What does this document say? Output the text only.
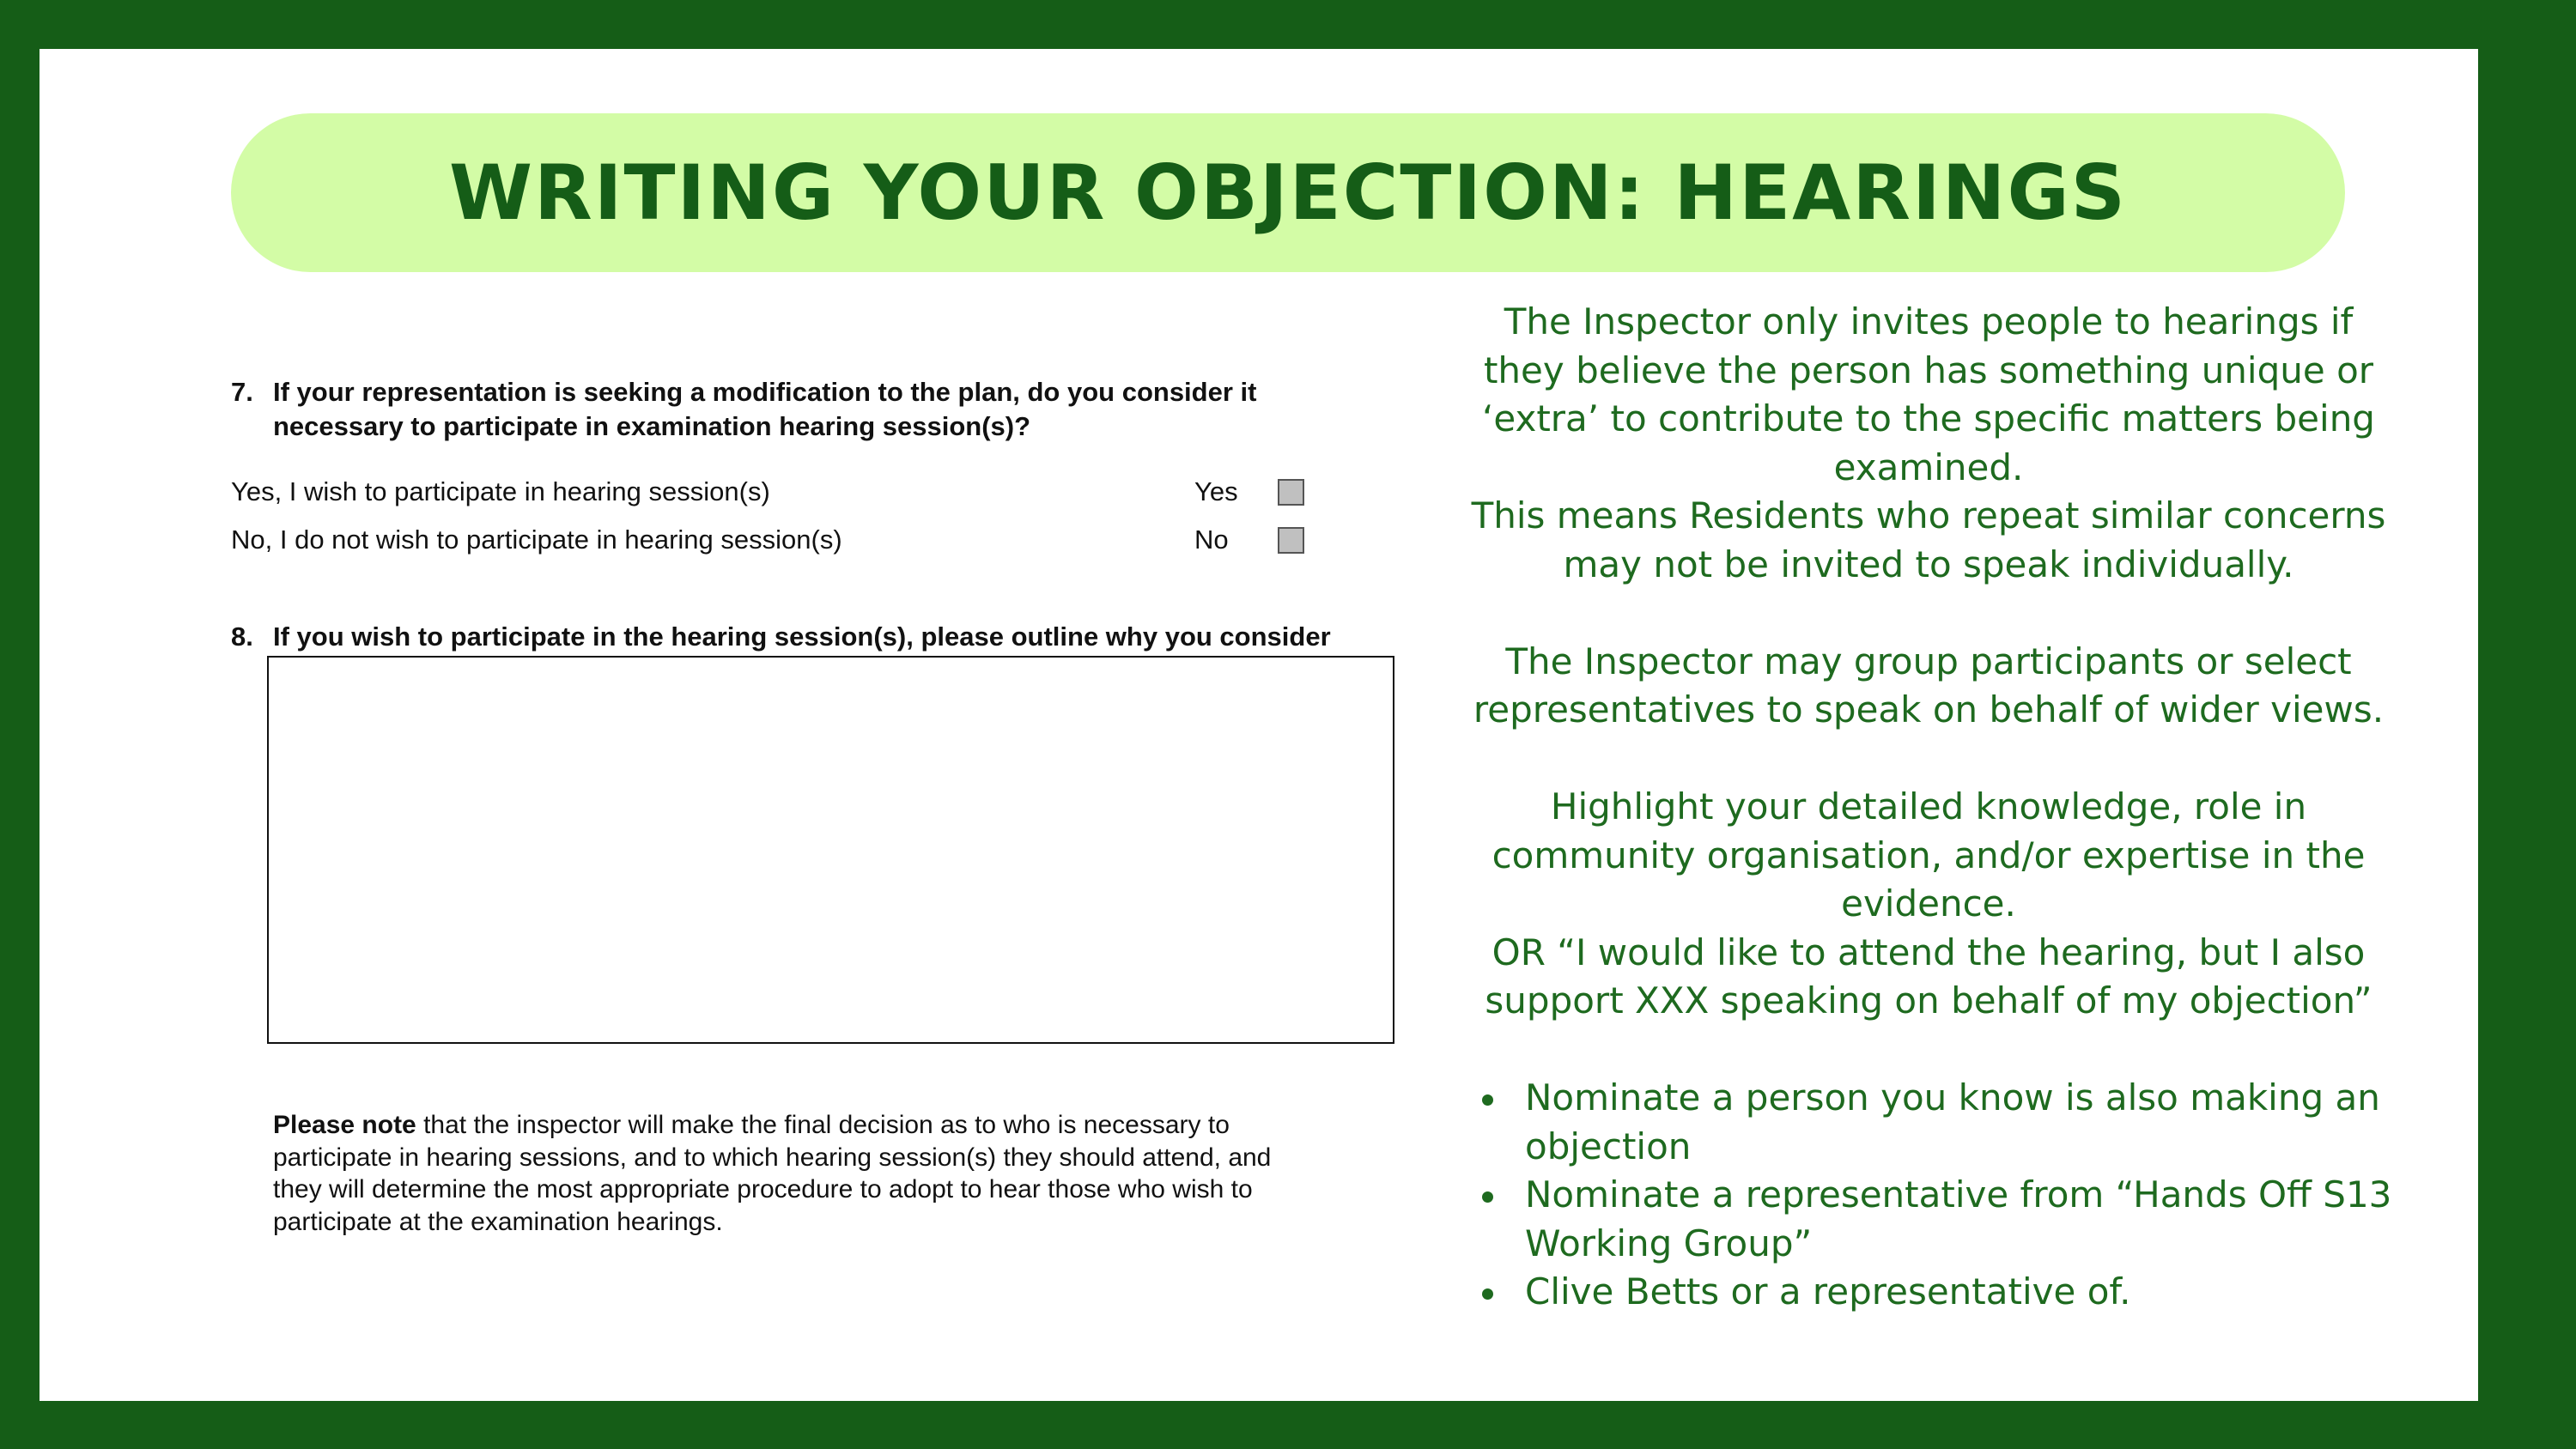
WRITING YOUR OBJECTION: HEARINGS
7. If your representation is seeking a modification to the plan, do you consider it
necessary to participate in examination hearing session(s)?
Yes, I wish to participate in hearing session(s)	Yes
No, I do not wish to participate in hearing session(s)	No
8. If you wish to participate in the hearing session(s), please outline why you consider
Please note that the inspector will make the final decision as to who is necessary to
participate in hearing sessions, and to which hearing session(s) they should attend, and
they will determine the most appropriate procedure to adopt to hear those who wish to
participate at the examination hearings.

The Inspector only invites people to hearings if they believe the person has something unique or ‘extra’ to contribute to the specific matters being examined.

This means Residents who repeat similar concerns may not be invited to speak individually.

The Inspector may group participants or select representatives to speak on behalf of wider views.

Highlight your detailed knowledge, role in community organisation, and/or expertise in the evidence.

OR “I would like to attend the hearing, but I also support XXX speaking on behalf of my objection”

Nominate a person you know is also making an objection
Nominate a representative from “Hands Off S13 Working Group”
Clive Betts or a representative of.
